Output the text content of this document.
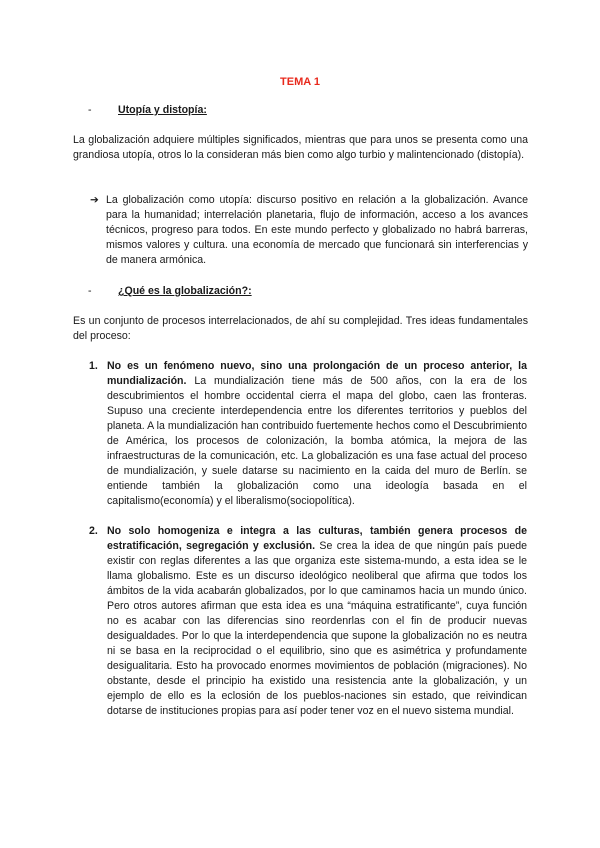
TEMA 1
- Utopía y distopía:
La globalización adquiere múltiples significados, mientras que para unos se presenta como una grandiosa utopía, otros lo la consideran más bien como algo turbio y malintencionado (distopía).
➔ La globalización como utopía: discurso positivo en relación a la globalización. Avance para la humanidad; interrelación planetaria, flujo de información, acceso a los avances técnicos, progreso para todos. En este mundo perfecto y globalizado no habrá barreras, mismos valores y cultura. una economía de mercado que funcionará sin interferencias y de manera armónica.
- ¿Qué es la globalización?:
Es un conjunto de procesos interrelacionados, de ahí su complejidad. Tres ideas fundamentales del proceso:
1. No es un fenómeno nuevo, sino una prolongación de un proceso anterior, la mundialización. La mundialización tiene más de 500 años, con la era de los descubrimientos el hombre occidental cierra el mapa del globo, caen las fronteras. Supuso una creciente interdependencia entre los diferentes territorios y pueblos del planeta. A la mundialización han contribuido fuertemente hechos como el Descubrimiento de América, los procesos de colonización, la bomba atómica, la mejora de las infraestructuras de la comunicación, etc. La globalización es una fase actual del proceso de mundialización, y suele datarse su nacimiento en la caida del muro de Berlín. se entiende también la globalización como una ideología basada en el capitalismo(economía) y el liberalismo(sociopolítica).
2. No solo homogeniza e integra a las culturas, también genera procesos de estratificación, segregación y exclusión. Se crea la idea de que ningún país puede existir con reglas diferentes a las que organiza este sistema-mundo, a esta idea se le llama globalismo. Este es un discurso ideológico neoliberal que afirma que todos los ámbitos de la vida acabarán globalizados, por lo que caminamos hacia un mundo único. Pero otros autores afirman que esta idea es una “máquina estratificante”, cuya función no es acabar con las diferencias sino reordenrlas con el fin de producir nuevas desigualdades. Por lo que la interdependencia que supone la globalización no es neutra ni se basa en la reciprocidad o el equilibrio, sino que es asimétrica y profundamente desigualitaria. Esto ha provocado enormes movimientos de población (migraciones). No obstante, desde el principio ha existido una resistencia ante la globalización, y un ejemplo de ello es la eclosión de los pueblos-naciones sin estado, que reivindican dotarse de instituciones propias para así poder tener voz en el nuevo sistema mundial.
